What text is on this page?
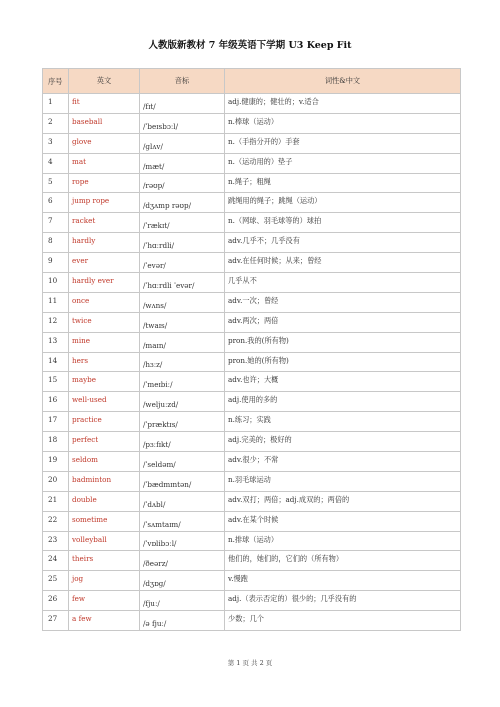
人教版新教材 7 年级英语下学期 U3 Keep Fit
序号	英文	音标	词性&中文
1	fit	/fɪt/	adj.健康的；健壮的；v.适合
2	baseball	/ˈbeɪsbɔːl/	n.棒球（运动）
3	glove	/ɡlʌv/	n.（手指分开的）手套
4	mat	/mæt/	n.（运动用的）垫子
5	rope	/rəʊp/	n.绳子；粗绳
6	jump rope	/dʒʌmp rəʊp/	跳绳用的绳子；跳绳（运动）
7	racket	/ˈrækɪt/	n.（网球、羽毛球等的）球拍
8	hardly	/ˈhɑːrdli/	adv.几乎不；几乎没有
9	ever	/ˈevər/	adv.在任何时候；从来；曾经
10	hardly ever	/ˈhɑːrdli ˈevər/	几乎从不
11	once	/wʌns/	adv.一次；曾经
12	twice	/twaɪs/	adv.两次；两倍
13	mine	/maɪn/	pron.我的(所有物)
14	hers	/hɜːz/	pron.她的(所有物)
15	maybe	/ˈmeɪbiː/	adv.也许；大概
16	well-used	/weljuːzd/	adj.使用的多的
17	practice	/ˈpræktɪs/	n.练习；实践
18	perfect	/pɜːfɪkt/	adj.完美的；极好的
19	seldom	/ˈseldəm/	adv.很少；不常
20	badminton	/ˈbædmɪntən/	n.羽毛球运动
21	double	/ˈdʌbl/	adv.双打；两倍；adj.成双的；两倍的
22	sometime	/ˈsʌmtaɪm/	adv.在某个时候
23	volleyball	/ˈvɒlibɔːl/	n.排球（运动）
24	theirs	/ðeərz/	他们的，她们的，它们的（所有物）
25	jog	/dʒɒɡ/	v.慢跑
26	few	/fjuː/	adj.（表示否定的）很少的；几乎没有的
27	a few	/ə fjuː/	少数；几个
第 1 页 共 2 页
